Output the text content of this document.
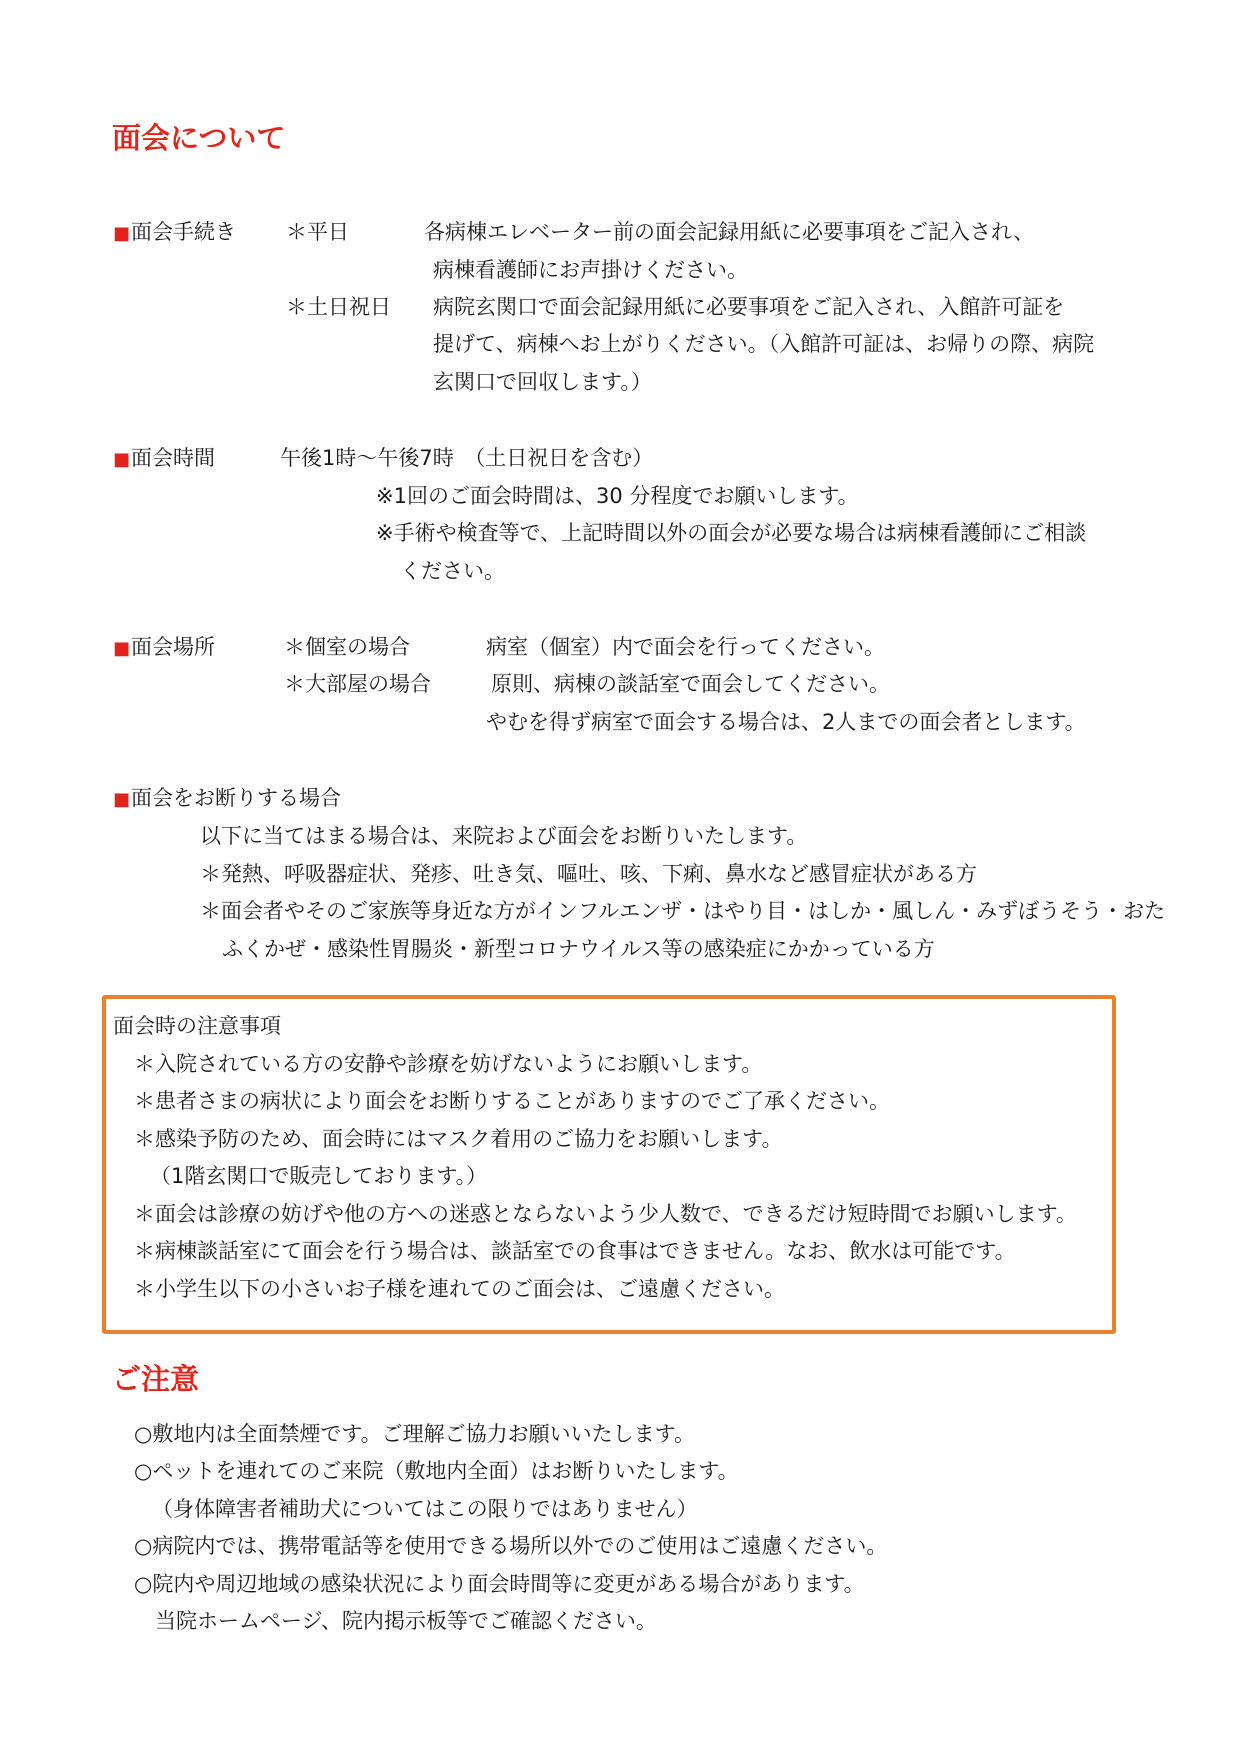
面会について
■面会手続き ＊平日	各病棟エレベーター前の面会記録用紙に必要事項をご記入され、
病棟看護師にお声掛けください。
＊土日祝日 病院玄関口で面会記録用紙に必要事項をご記入され、入館許可証を
提げて、病棟へお上がりください。（入館許可証は、お帰りの際、病院
玄関口で回収します。）
■面会時間	午後1時～午後7時　（土日祝日を含む）
※1回のご面会時間は、30 分程度でお願いします。
※手術や検査等で、上記時間以外の面会が必要な場合は病棟看護師にご相談
ください。
■面会場所	＊個室の場合	病室（個室）内で面会を行ってください。
＊大部屋の場合	原則、病棟の談話室で面会してください。
やむを得ず病室で面会する場合は、2人までの面会者とします。
■面会をお断りする場合
以下に当てはまる場合は、来院および面会をお断りいたします。
＊発熱、呼吸器症状、発疹、吐き気、嘔吐、咳、下痢、鼻水など感冒症状がある方
＊面会者やそのご家族等身近な方がインフルエンザ・はやり目・はしか・風しん・みずぼうそう・おた
ふくかぜ・感染性胃腸炎・新型コロナウイルス等の感染症にかかっている方
面会時の注意事項
＊入院されている方の安静や診療を妨げないようにお願いします。
＊患者さまの病状により面会をお断りすることがありますのでご了承ください。
＊感染予防のため、面会時にはマスク着用のご協力をお願いします。
（1階玄関口で販売しております。）
＊面会は診療の妨げや他の方への迷惑とならないよう少人数で、できるだけ短時間でお願いします。
＊病棟談話室にて面会を行う場合は、談話室での食事はできません。なお、飲水は可能です。
＊小学生以下の小さいお子様を連れてのご面会は、ご遠慮ください。
ご注意
○敷地内は全面禁煙です。ご理解ご協力お願いいたします。
○ペットを連れてのご来院（敷地内全面）はお断りいたします。
（身体障害者補助犬についてはこの限りではありません）
○病院内では、携帯電話等を使用できる場所以外でのご使用はご遠慮ください。
○院内や周辺地域の感染状況により面会時間等に変更がある場合があります。
当院ホームページ、院内掲示板等でご確認ください。
